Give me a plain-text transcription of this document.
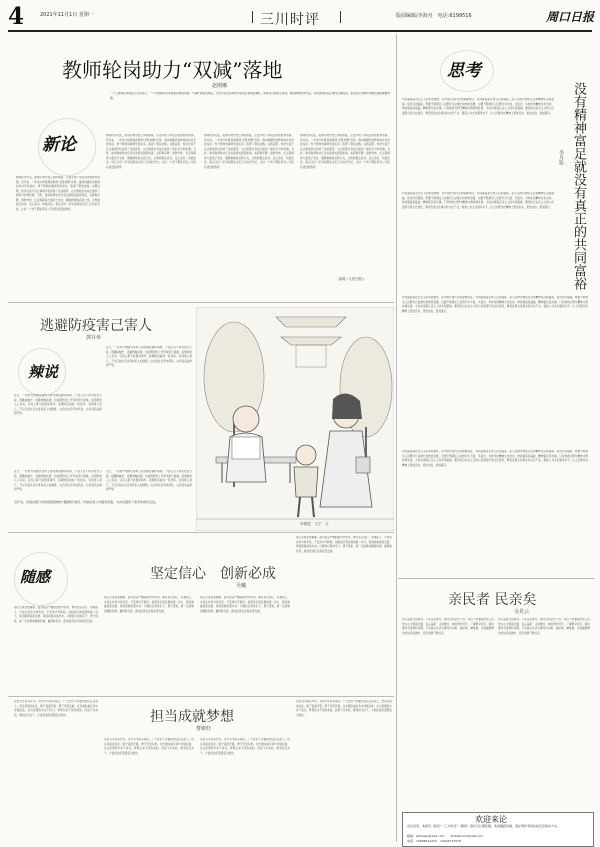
4	2021年11月1日 星期一	三川时评	版面编辑/齐海舟　电话:6199516	周口日报
教师轮岗助力“双减”落地
赵刚娜
一个人遇到好老师是人生的幸运，一个学校拥有好老师是民族的希望。“双减”政策落地后，学生作业负担和校外培训负担明显减轻，教育回归校园主阵地。推进教师轮岗交流，让优质师资在区域内合理流动，是促进义务教育均衡发展的重要举措。
新论
教师轮岗交流，能够打破学校之间的壁垒，让更多孩子享受到优质教育资源。近年来，一些地方积极探索教师“县管校聘”改革，推动城镇学校教师向乡村学校流动，骨干教师向薄弱学校流动，取得了明显成效。实践证明，轮岗交流不仅让薄弱学校获得了优质师资，也为教师自身成长提供了新的平台和机遇。当然，推进教师轮岗还需完善相关配套政策，在职称评聘、绩效考核、生活保障等方面给予支持，解除教师的后顾之忧，让教师愿意流动、安心流动、积极流动，真正让每一所学校都成为家门口的好学校，让每一个孩子都能享有公平而有质量的教育。
教师轮岗交流，能够打破学校之间的壁垒，让更多孩子享受到优质教育资源。近年来，一些地方积极探索教师“县管校聘”改革，推动城镇学校教师向乡村学校流动，骨干教师向薄弱学校流动，取得了明显成效。实践证明，轮岗交流不仅让薄弱学校获得了优质师资，也为教师自身成长提供了新的平台和机遇。当然，推进教师轮岗还需完善相关配套政策，在职称评聘、绩效考核、生活保障等方面给予支持，解除教师的后顾之忧，让教师愿意流动、安心流动、积极流动，真正让每一所学校都成为家门口的好学校，让每一个孩子都能享有公平而有质量的教育。
教师轮岗交流，能够打破学校之间的壁垒，让更多孩子享受到优质教育资源。近年来，一些地方积极探索教师“县管校聘”改革，推动城镇学校教师向乡村学校流动，骨干教师向薄弱学校流动，取得了明显成效。实践证明，轮岗交流不仅让薄弱学校获得了优质师资，也为教师自身成长提供了新的平台和机遇。当然，推进教师轮岗还需完善相关配套政策，在职称评聘、绩效考核、生活保障等方面给予支持，解除教师的后顾之忧，让教师愿意流动、安心流动、积极流动，真正让每一所学校都成为家门口的好学校，让每一个孩子都能享有公平而有质量的教育。
教师轮岗交流，能够打破学校之间的壁垒，让更多孩子享受到优质教育资源。近年来，一些地方积极探索教师“县管校聘”改革，推动城镇学校教师向乡村学校流动，骨干教师向薄弱学校流动，取得了明显成效。实践证明，轮岗交流不仅让薄弱学校获得了优质师资，也为教师自身成长提供了新的平台和机遇。当然，推进教师轮岗还需完善相关配套政策，在职称评聘、绩效考核、生活保障等方面给予支持，解除教师的后顾之忧，让教师愿意流动、安心流动、积极流动，真正让每一所学校都成为家门口的好学校，让每一个孩子都能享有公平而有质量的教育。
（原载《人民日报》）
逃避防疫害己害人
郭存举
辣说
近日，一些地方相继出现本土新冠肺炎确诊病例，个别人员不如实报告行程、隐瞒接触史、逃避核酸检测，给疫情防控工作带来很大困难。疫情防控人人有责，任何人都不能置身事外。逃避防疫看似一时侥幸，实则害人害己，不仅可能危及自身和家人的健康，也会给社会带来风险，必将受到法律的严惩。
近日，一些地方相继出现本土新冠肺炎确诊病例，个别人员不如实报告行程、隐瞒接触史、逃避核酸检测，给疫情防控工作带来很大困难。疫情防控人人有责，任何人都不能置身事外。逃避防疫看似一时侥幸，实则害人害己，不仅可能危及自身和家人的健康，也会给社会带来风险，必将受到法律的严惩。
近日，一些地方相继出现本土新冠肺炎确诊病例，个别人员不如实报告行程、隐瞒接触史、逃避核酸检测，给疫情防控工作带来很大困难。疫情防控人人有责，任何人都不能置身事外。逃避防疫看似一时侥幸，实则害人害己，不仅可能危及自身和家人的健康，也会给社会带来风险，必将受到法律的严惩。
近日，一些地方相继出现本土新冠肺炎确诊病例，个别人员不如实报告行程、隐瞒接触史、逃避核酸检测，给疫情防控工作带来很大困难。疫情防控人人有责，任何人都不能置身事外。逃避防疫看似一时侥幸，实则害人害己，不仅可能危及自身和家人的健康，也会给社会带来风险，必将受到法律的严惩。
近年来，河南省周口市积极推进城市“微游园”建设，持续完善公共服务设施，为市民提供了更多休闲好去处。
李敬霞　王宁　文
坚定信心　创新必成
吴曦
随感
信心比黄金更重要。面对复杂严峻的国内外形势，唯有坚定信心、迎难而上，才能在危机中育先机、于变局中开新局。创新是引领发展的第一动力，抓创新就是抓发展，谋创新就是谋未来。只要我们保持定力、勇于探索，就一定能够把握新机遇、赢得新优势，推动经济社会高质量发展。
信心比黄金更重要。面对复杂严峻的国内外形势，唯有坚定信心、迎难而上，才能在危机中育先机、于变局中开新局。创新是引领发展的第一动力，抓创新就是抓发展，谋创新就是谋未来。只要我们保持定力、勇于探索，就一定能够把握新机遇、赢得新优势，推动经济社会高质量发展。
信心比黄金更重要。面对复杂严峻的国内外形势，唯有坚定信心、迎难而上，才能在危机中育先机、于变局中开新局。创新是引领发展的第一动力，抓创新就是抓发展，谋创新就是谋未来。只要我们保持定力、勇于探索，就一定能够把握新机遇、赢得新优势，推动经济社会高质量发展。
信心比黄金更重要。面对复杂严峻的国内外形势，唯有坚定信心、迎难而上，才能在危机中育先机、于变局中开新局。创新是引领发展的第一动力，抓创新就是抓发展，谋创新就是谋未来。只要我们保持定力、勇于探索，就一定能够把握新机遇、赢得新优势，推动经济社会高质量发展。
有担当才能有作为，有作为才能有地位。广大党员干部要把责任扛在肩上，把任务落到实处，敢于直面矛盾，勇于攻坚克难，在急难险重任务中冲锋在前，在为民服务中实干担当。梦想从来不是等来的，而是干出来的，唯有担当实干，才能把美好蓝图变为现实。	担当成就梦想
曹新旺
有担当才能有作为，有作为才能有地位。广大党员干部要把责任扛在肩上，把任务落到实处，敢于直面矛盾，勇于攻坚克难，在急难险重任务中冲锋在前，在为民服务中实干担当。梦想从来不是等来的，而是干出来的，唯有担当实干，才能把美好蓝图变为现实。
有担当才能有作为，有作为才能有地位。广大党员干部要把责任扛在肩上，把任务落到实处，敢于直面矛盾，勇于攻坚克难，在急难险重任务中冲锋在前，在为民服务中实干担当。梦想从来不是等来的，而是干出来的，唯有担当实干，才能把美好蓝图变为现实。
有担当才能有作为，有作为才能有地位。广大党员干部要把责任扛在肩上，把任务落到实处，敢于直面矛盾，勇于攻坚克难，在急难险重任务中冲锋在前，在为民服务中实干担当。梦想从来不是等来的，而是干出来的，唯有担当实干，才能把美好蓝图变为现实。
思考
没有精神富足就没有真正的共同富裕
李月影
共同富裕是社会主义的本质要求，是中国式现代化的重要特征。共同富裕是全体人民的富裕，是人民群众物质生活和精神生活都富裕。促进共同富裕，既要不断满足人民群众日益增长的物质需要，也要不断满足人民群众多方面、多层次、多样化的精神文化需求。物质富裕是基础，精神富足是灵魂。只有物质文明与精神文明协调发展，才能实现真正意义上的共同富裕。要坚持以社会主义核心价值观引领文化建设，繁荣发展文化事业和文化产业，提高公共文化服务水平，让人民群众在精神上更加充实、更加自信、更加富足。
共同富裕是社会主义的本质要求，是中国式现代化的重要特征。共同富裕是全体人民的富裕，是人民群众物质生活和精神生活都富裕。促进共同富裕，既要不断满足人民群众日益增长的物质需要，也要不断满足人民群众多方面、多层次、多样化的精神文化需求。物质富裕是基础，精神富足是灵魂。只有物质文明与精神文明协调发展，才能实现真正意义上的共同富裕。要坚持以社会主义核心价值观引领文化建设，繁荣发展文化事业和文化产业，提高公共文化服务水平，让人民群众在精神上更加充实、更加自信、更加富足。
共同富裕是社会主义的本质要求，是中国式现代化的重要特征。共同富裕是全体人民的富裕，是人民群众物质生活和精神生活都富裕。促进共同富裕，既要不断满足人民群众日益增长的物质需要，也要不断满足人民群众多方面、多层次、多样化的精神文化需求。物质富裕是基础，精神富足是灵魂。只有物质文明与精神文明协调发展，才能实现真正意义上的共同富裕。要坚持以社会主义核心价值观引领文化建设，繁荣发展文化事业和文化产业，提高公共文化服务水平，让人民群众在精神上更加充实、更加自信、更加富足。
共同富裕是社会主义的本质要求，是中国式现代化的重要特征。共同富裕是全体人民的富裕，是人民群众物质生活和精神生活都富裕。促进共同富裕，既要不断满足人民群众日益增长的物质需要，也要不断满足人民群众多方面、多层次、多样化的精神文化需求。物质富裕是基础，精神富足是灵魂。只有物质文明与精神文明协调发展，才能实现真正意义上的共同富裕。要坚持以社会主义核心价值观引领文化建设，繁荣发展文化事业和文化产业，提高公共文化服务水平，让人民群众在精神上更加充实、更加自信、更加富足。
亲民者 民亲矣
余晃云
民心是最大的政治。干部亲近群众，群众自然亲近干部。党员干部要始终把人民放在心中最高位置，深入基层、走进群众，倾听群众呼声，了解群众疾苦，解决群众急难愁盼问题。只有真心实意为群众办实事、做好事、解难事，才能赢得群众的信任和拥护，密切党群干群关系。
民心是最大的政治。干部亲近群众，群众自然亲近干部。党员干部要始终把人民放在心中最高位置，深入基层、走进群众，倾听群众呼声，了解群众疾苦，解决群众急难愁盼问题。只有真心实意为群众办实事、做好事、解难事，才能赢得群众的信任和拥护，密切党群干群关系。
欢迎来论
各位读者，本版刊《新论》《三川时评》《随感》等栏目长期征稿，欢迎踊跃投稿，请注明作者真实姓名及联系方式。
邮箱：zkrbswp@126.com　　zkrbsl0123@126.com
电话：15896541222　13525731576
